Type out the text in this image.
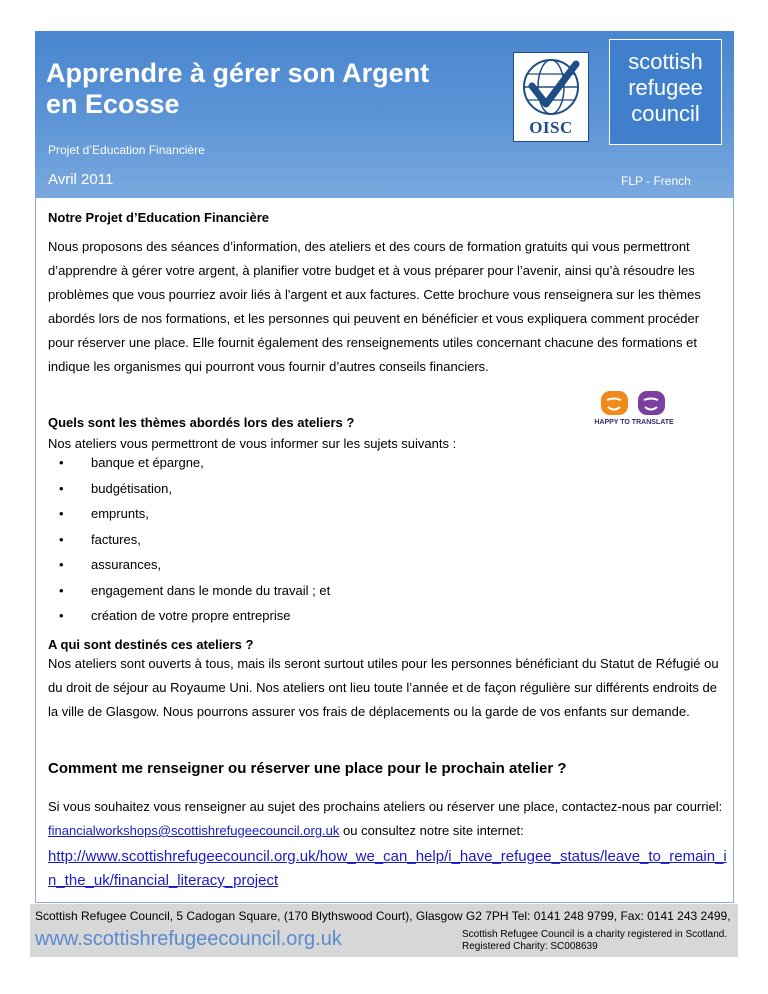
Apprendre à gérer son Argent
en Ecosse
Projet d’Education Financière
Avril 2011	FLP - French
OISC
scottish
refugee
council
Notre Projet d’Education Financière

Nous proposons des séances d’information, des ateliers et des cours de formation gratuits qui vous permettront d’apprendre à gérer votre argent, à planifier votre budget et à vous préparer pour l’avenir, ainsi qu’à résoudre les problèmes que vous pourriez avoir liés à l'argent et aux factures. Cette brochure vous renseignera sur les thèmes abordés lors de nos formations, et les personnes qui peuvent en bénéficier et vous expliquera comment procéder pour réserver une place. Elle fournit également des renseignements utiles concernant chacune des formations et indique les organismes qui pourront vous fournir d’autres conseils financiers.

Quels sont les thèmes abordés lors des ateliers ?	HAPPY TO TRANSLATE

Nos ateliers vous permettront de vous informer sur les sujets suivants :

• banque et épargne,
• budgétisation,
• emprunts,
• factures,
• assurances,
• engagement dans le monde du travail ; et
• création de votre propre entreprise
A qui sont destinés ces ateliers ?

Nos ateliers sont ouverts à tous, mais ils seront surtout utiles pour les personnes bénéficiant du Statut de Réfugié ou du droit de séjour au Royaume Uni. Nos ateliers ont lieu toute l’année et de façon régulière sur différents endroits de la ville de Glasgow. Nous pourrons assurer vos frais de déplacements ou la garde de vos enfants sur demande.

Comment me renseigner ou réserver une place pour le prochain atelier ?

Si vous souhaitez vous renseigner au sujet des prochains ateliers ou réserver une place, contactez-nous par courriel: financialworkshops@scottishrefugeecouncil.org.uk ou consultez notre site internet:

http://www.scottishrefugeecouncil.org.uk/how_we_can_help/i_have_refugee_status/leave_to_remain_in_the_uk/financial_literacy_project
Scottish Refugee Council, 5 Cadogan Square, (170 Blythswood Court), Glasgow G2 7PH Tel: 0141 248 9799, Fax: 0141 243 2499,
www.scottishrefugeecouncil.org.uk	Scottish Refugee Council is a charity registered in Scotland.
Registered Charity: SC008639
